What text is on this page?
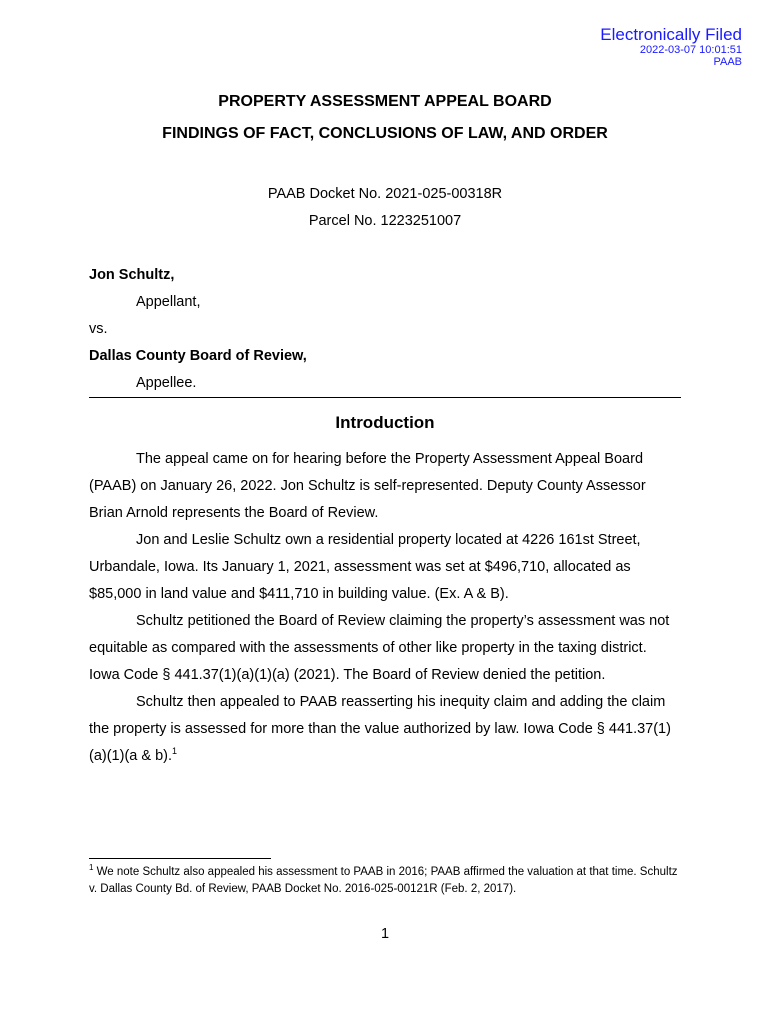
Electronically Filed
2022-03-07 10:01:51
PAAB
PROPERTY ASSESSMENT APPEAL BOARD
FINDINGS OF FACT, CONCLUSIONS OF LAW, AND ORDER
PAAB Docket No. 2021-025-00318R
Parcel No. 1223251007
Jon Schultz,
Appellant,
vs.
Dallas County Board of Review,
Appellee.
Introduction

The appeal came on for hearing before the Property Assessment Appeal Board (PAAB) on January 26, 2022. Jon Schultz is self-represented. Deputy County Assessor Brian Arnold represents the Board of Review.

Jon and Leslie Schultz own a residential property located at 4226 161st Street, Urbandale, Iowa. Its January 1, 2021, assessment was set at $496,710, allocated as $85,000 in land value and $411,710 in building value. (Ex. A & B).

Schultz petitioned the Board of Review claiming the property’s assessment was not equitable as compared with the assessments of other like property in the taxing district. Iowa Code § 441.37(1)(a)(1)(a) (2021). The Board of Review denied the petition.

Schultz then appealed to PAAB reasserting his inequity claim and adding the claim the property is assessed for more than the value authorized by law. Iowa Code § 441.37(1)(a)(1)(a & b).$^1$

$^1$ We note Schultz also appealed his assessment to PAAB in 2016; PAAB affirmed the valuation at that time. Schultz v. Dallas County Bd. of Review, PAAB Docket No. 2016-025-00121R (Feb. 2, 2017).
1
